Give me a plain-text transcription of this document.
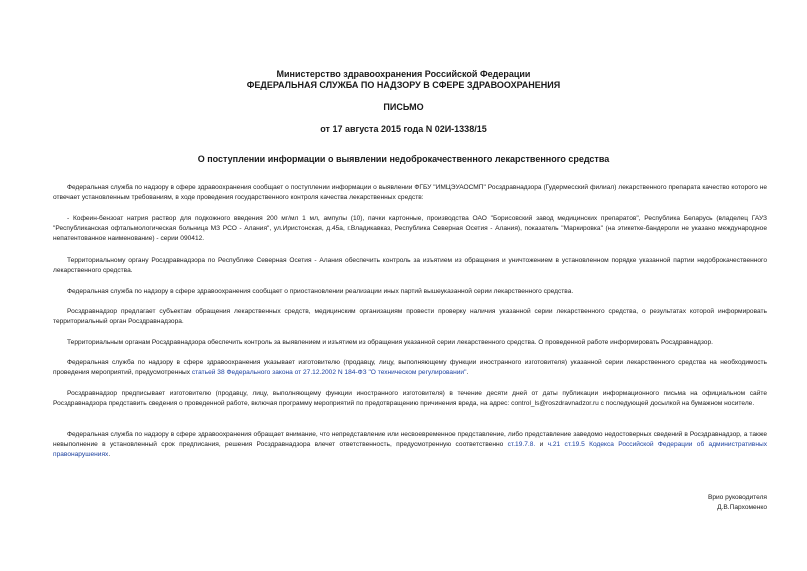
Министерство здравоохранения Российской Федерации
ФЕДЕРАЛЬНАЯ СЛУЖБА ПО НАДЗОРУ В СФЕРЕ ЗДРАВООХРАНЕНИЯ
ПИСЬМО
от 17 августа 2015 года N 02И-1338/15
О поступлении информации о выявлении недоброкачественного лекарственного средства

Федеральная служба по надзору в сфере здравоохранения сообщает о поступлении информации о выявлении ФГБУ "ИМЦЭУАОСМП" Росздравнадзора (Гудермесский филиал) лекарственного препарата качество которого не отвечает установленным требованиям, в ходе проведения государственного контроля качества лекарственных средств:

- Кофеин-бензоат натрия раствор для подкожного введения 200 мг/мл 1 мл, ампулы (10), пачки картонные, производства ОАО "Борисовский завод медицинских препаратов", Республика Беларусь (владелец ГАУЗ "Республиканская офтальмологическая больница МЗ РСО - Алания", ул.Иристонская, д.45а, г.Владикавказ, Республика Северная Осетия - Алания), показатель "Маркировка" (на этикетке-бандероли не указано международное непатентованное наименование) - серии 090412.

Территориальному органу Росздравнадзора по Республике Северная Осетия - Алания обеспечить контроль за изъятием из обращения и уничтожением в установленном порядке указанной партии недоброкачественного лекарственного средства.

Федеральная служба по надзору в сфере здравоохранения сообщает о приостановлении реализации иных партий вышеуказанной серии лекарственного средства.

Росздравнадзор предлагает субъектам обращения лекарственных средств, медицинским организациям провести проверку наличия указанной серии лекарственного средства, о результатах которой информировать территориальный орган Росздравнадзора.

Территориальным органам Росздравнадзора обеспечить контроль за выявлением и изъятием из обращения указанной серии лекарственного средства. О проведенной работе информировать Росздравнадзор.

Федеральная служба по надзору в сфере здравоохранения указывает изготовителю (продавцу, лицу, выполняющему функции иностранного изготовителя) указанной серии лекарственного средства на необходимость проведения мероприятий, предусмотренных статьей 38 Федерального закона от 27.12.2002 N 184-ФЗ "О техническом регулировании".

Росздравнадзор предписывает изготовителю (продавцу, лицу, выполняющему функции иностранного изготовителя) в течение десяти дней от даты публикации информационного письма на официальном сайте Росздравнадзора представить сведения о проведенной работе, включая программу мероприятий по предотвращению причинения вреда, на адрес: control_ls@roszdravnadzor.ru с последующей досылкой на бумажном носителе.

Федеральная служба по надзору в сфере здравоохранения обращает внимание, что непредставление или несвоевременное представление, либо представление заведомо недостоверных сведений в Росздравнадзор, а также невыполнение в установленный срок предписания, решения Росздравнадзора влечет ответственность, предусмотренную соответственно ст.19.7.8. и ч.21 ст.19.5 Кодекса Российской Федерации об административных правонарушениях.

Врио руководителя
Д.В.Пархоменко
